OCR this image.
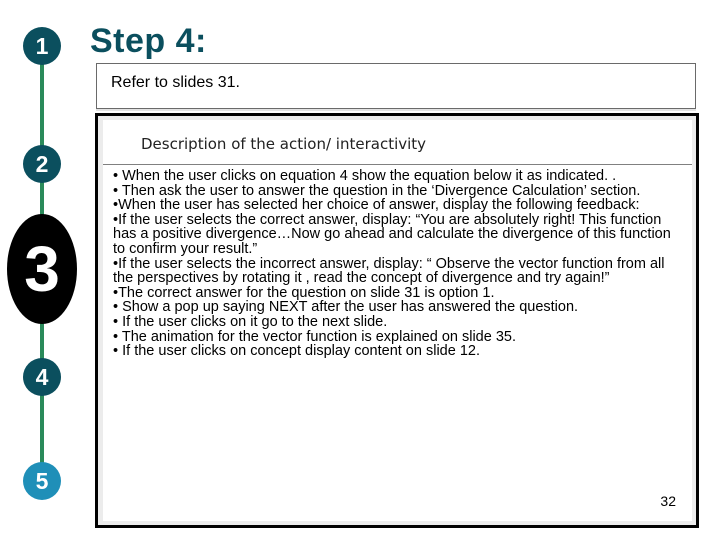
1
2
3
4
5
Step 4:
Refer to slides 31.
Description of the action/ interactivity

• When the user clicks on equation 4 show the equation below it as indicated. .

• Then ask the user to answer the question in the ‘Divergence Calculation’ section.

•When the user has selected her choice of answer, display the following feedback:

•If the user selects the correct answer, display: “You are absolutely right! This function has a positive divergence…Now go ahead and calculate the divergence of this function to confirm your result.”

•If the user selects the incorrect answer, display: “ Observe the vector function from all the perspectives by rotating it , read the concept of divergence and try again!”

•The correct answer for the question on slide 31 is option 1.

• Show a pop up saying NEXT after the user has answered the question.

• If the user clicks on it go to the next slide.

• The animation for the vector function is explained on slide 35.

• If the user clicks on concept display content on slide 12.

32
